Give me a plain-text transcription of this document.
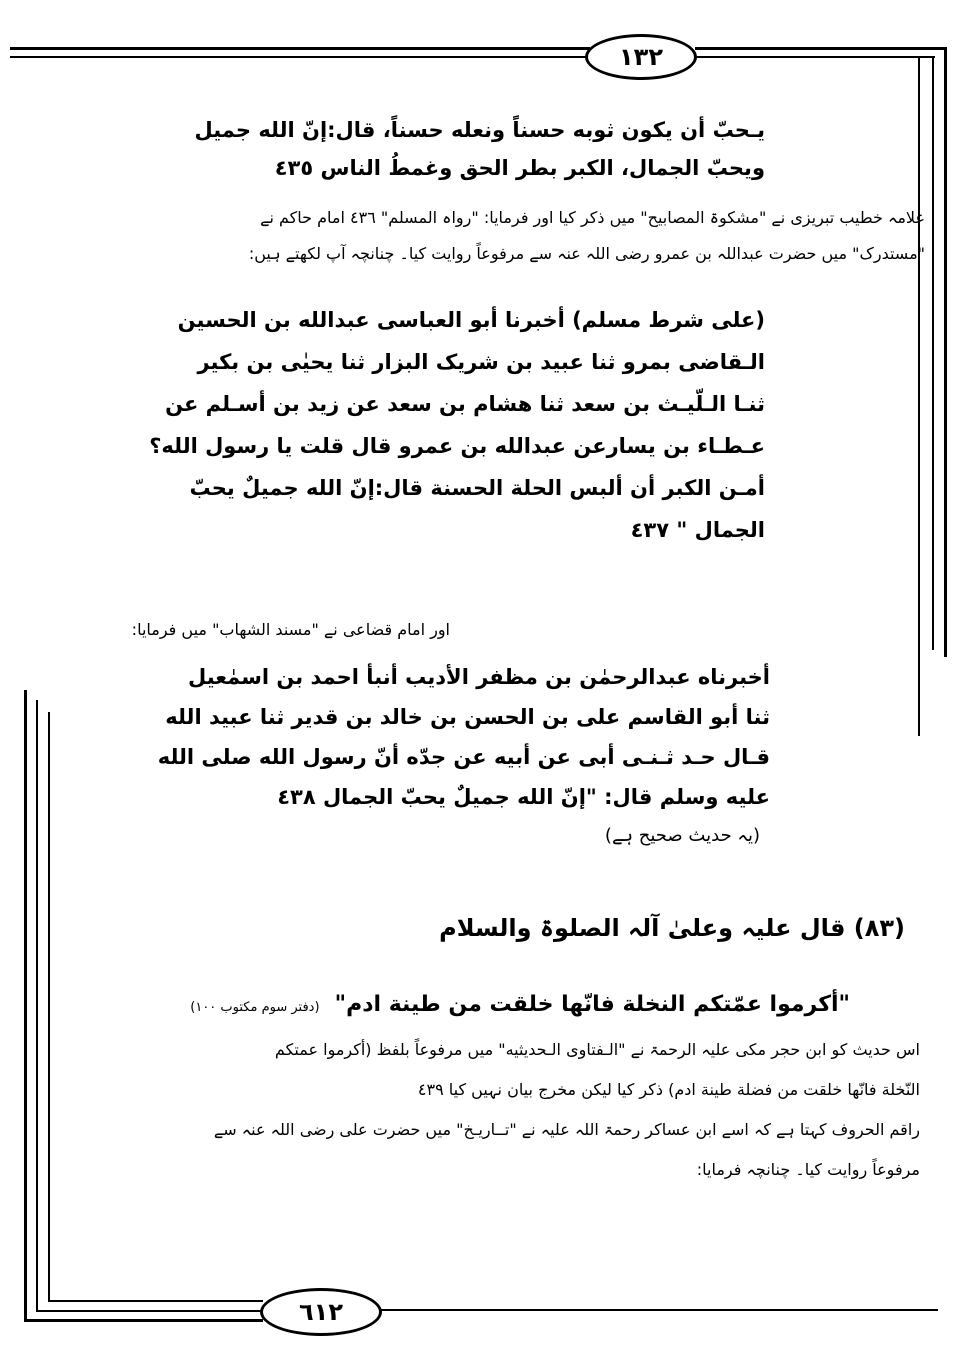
١٣٢
٦١٢
يـحبّ أن يكون ثوبه حسناً ونعله حسناً، قال:إنّ الله جميل
ويحبّ الجمال، الكبر بطر الحق وغمطُ الناس ٤٣٥
علامہ خطیب تبریزی نے "مشکوۃ المصابیح" میں ذکر کیا اور فرمایا: "رواہ المسلم" ٤٣٦ امام حاکم نے
"مستدرک" میں حضرت عبداللہ بن عمرو رضی اللہ عنہ سے مرفوعاً روایت کیا۔ چنانچہ آپ لکھتے ہیں:
(على شرط مسلم) أخبرنا أبو العباسى عبدالله بن الحسين
الـقاضى بمرو ثنا عبيد بن شريک البزار ثنا يحيٰى بن بكير
ثنـا الـلّيـث بن سعد ثنا هشام بن سعد عن زيد بن أسـلم عن
عـطـاء بن يسارعن عبدالله بن عمرو قال قلت يا رسول الله؟
أمـن الكبر أن ألبس الحلة الحسنة قال:إنّ الله جميلٌ يحبّ
الجمال " ٤٣٧
اور امام قضاعی نے "مسند الشهاب" میں فرمایا:
أخبرناه عبدالرحمٰن بن مظفر الأديب أنبأ احمد بن اسمٰعيل
ثنا أبو القاسم على بن الحسن بن خالد بن قدير ثنا عبيد الله
قـال حـد ثـنـى أبى عن أبيه عن جدّه أنّ رسول الله صلى الله
عليه وسلم قال: "إنّ الله جميلٌ يحبّ الجمال ٤٣٨
(یہ حدیث صحیح ہے)
(٨٣) قال علیہ وعلیٰ آلہ الصلوۃ والسلام
"أكرموا عمّتكم النخلة فانّها خلقت من طينة ادم" (دفتر سوم مکتوب ١٠٠)
اس حدیث کو ابن حجر مکی علیہ الرحمۃ نے "الـفتاوى الـحديثيه" میں مرفوعاً بلفظ (أكرموا عمتكم
النّخلة فانّها خلقت من فضلة طينة ادم) ذکر کیا لیکن مخرج بیان نہیں کیا ٤٣٩
راقم الحروف کہتا ہے کہ اسے ابن عساکر رحمۃ اللہ علیہ نے "تــاريـخ" میں حضرت علی رضی اللہ عنہ سے
مرفوعاً روایت کیا۔ چنانچہ فرمایا:
